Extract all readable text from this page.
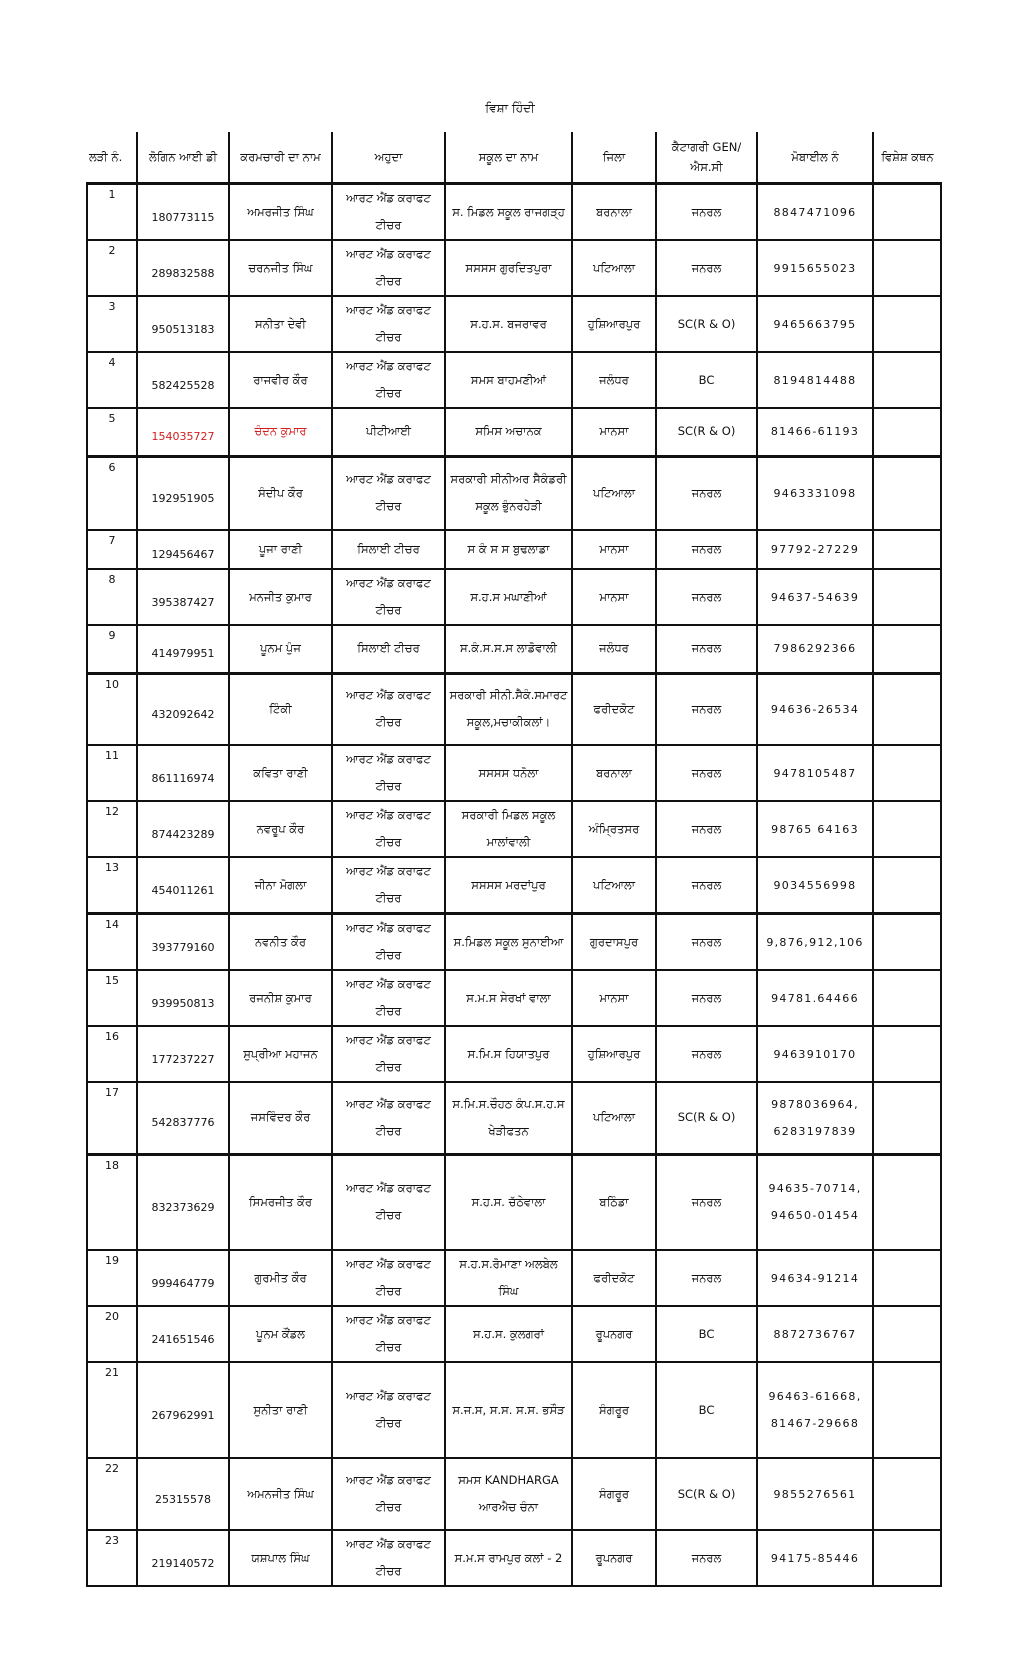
ਵਿਸ਼ਾ ਹਿੰਦੀ
ਲੜੀ ਨੰ.	ਲੋਗਿਨ ਆਈ ਡੀ	ਕਰਮਚਾਰੀ ਦਾ ਨਾਮ	ਅਹੁਦਾ	ਸਕੂਲ ਦਾ ਨਾਮ	ਜਿਲਾ	ਕੈਟਾਗਰੀ GEN/ਐਸ.ਸੀ	ਮੋਬਾਈਲ ਨੰ	ਵਿਸ਼ੇਸ਼ ਕਥਨ
1	180773115	ਅਮਰਜੀਤ ਸਿੰਘ	ਆਰਟ ਐਂਡ ਕਰਾਫਟ ਟੀਚਰ	ਸ. ਮਿਡਲ ਸਕੂਲ ਰਾਜਗੜ੍ਹ	ਬਰਨਾਲਾ	ਜਨਰਲ	8847471096	
2	289832588	ਚਰਨਜੀਤ ਸਿੰਘ	ਆਰਟ ਐਂਡ ਕਰਾਫਟ ਟੀਚਰ	ਸਸਸਸ ਗੁਰਦਿਤਪੁਰਾ	ਪਟਿਆਲਾ	ਜਨਰਲ	9915655023	
3	950513183	ਸਨੀਤਾ ਦੇਵੀ	ਆਰਟ ਐਂਡ ਕਰਾਫਟ ਟੀਚਰ	ਸ.ਹ.ਸ. ਬਜਰਾਵਰ	ਹੁਸ਼ਿਆਰਪੁਰ	SC(R & O)	9465663795	
4	582425528	ਰਾਜਵੀਰ ਕੌਰ	ਆਰਟ ਐਂਡ ਕਰਾਫਟ ਟੀਚਰ	ਸਮਸ ਬਾਹਮਣੀਆਂ	ਜਲੰਧਰ	BC	8194814488	
5	154035727	ਚੰਦਨ ਕੁਮਾਰ	ਪੀਟੀਆਈ	ਸਮਿਸ ਅਚਾਨਕ	ਮਾਨਸਾ	SC(R & O)	81466-61193	
6	192951905	ਸੰਦੀਪ ਕੌਰ	ਆਰਟ ਐਂਡ ਕਰਾਫਟ ਟੀਚਰ	ਸਰਕਾਰੀ ਸੀਨੀਅਰ ਸੈਕੰਡਰੀ ਸਕੂਲ ਭੁੰਨਰਹੇੜੀ	ਪਟਿਆਲਾ	ਜਨਰਲ	9463331098	
7	129456467	ਪੂਜਾ ਰਾਣੀ	ਸਿਲਾਈ ਟੀਚਰ	ਸ ਕੰ ਸ ਸ ਬੁਢਲਾਡਾ	ਮਾਨਸਾ	ਜਨਰਲ	97792-27229	
8	395387427	ਮਨਜੀਤ ਕੁਮਾਰ	ਆਰਟ ਐਂਡ ਕਰਾਫਟ ਟੀਚਰ	ਸ.ਹ.ਸ ਮਘਾਣੀਆਂ	ਮਾਨਸਾ	ਜਨਰਲ	94637-54639	
9	414979951	ਪੂਨਮ ਪੁੰਜ	ਸਿਲਾਈ ਟੀਚਰ	ਸ.ਕੰ.ਸ.ਸ.ਸ ਲਾਡੋਵਾਲੀ	ਜਲੰਧਰ	ਜਨਰਲ	7986292366	
10	432092642	ਟਿੰਕੀ	ਆਰਟ ਐਂਡ ਕਰਾਫਟ ਟੀਚਰ	ਸਰਕਾਰੀ ਸੀਨੀ.ਸੈਕੰ.ਸਮਾਰਟ ਸਕੂਲ,ਮਚਾਕੀਕਲਾਂ।	ਫਰੀਦਕੋਟ	ਜਨਰਲ	94636-26534	
11	861116974	ਕਵਿਤਾ ਰਾਣੀ	ਆਰਟ ਐਂਡ ਕਰਾਫਟ ਟੀਚਰ	ਸਸਸਸ ਧਨੋਲਾ	ਬਰਨਾਲਾ	ਜਨਰਲ	9478105487	
12	874423289	ਨਵਰੂਪ ਕੌਰ	ਆਰਟ ਐਂਡ ਕਰਾਫਟ ਟੀਚਰ	ਸਰਕਾਰੀ ਮਿਡਲ ਸਕੂਲ ਮਾਲਾਂਵਾਲੀ	ਅੰਮ੍ਰਿਤਸਰ	ਜਨਰਲ	98765 64163	
13	454011261	ਜੀਨਾ ਮੋਗਲਾ	ਆਰਟ ਐਂਡ ਕਰਾਫਟ ਟੀਚਰ	ਸਸਸਸ ਮਰਦਾਂਪੁਰ	ਪਟਿਆਲਾ	ਜਨਰਲ	9034556998	
14	393779160	ਨਵਨੀਤ ਕੌਰ	ਆਰਟ ਐਂਡ ਕਰਾਫਟ ਟੀਚਰ	ਸ.ਮਿਡਲ ਸਕੂਲ ਸੁਨਾਈਆ	ਗੁਰਦਾਸਪੁਰ	ਜਨਰਲ	9,876,912,106	
15	939950813	ਰਜਨੀਸ਼ ਕੁਮਾਰ	ਆਰਟ ਐਂਡ ਕਰਾਫਟ ਟੀਚਰ	ਸ.ਮ.ਸ ਸੇਰਖਾਂ ਵਾਲਾ	ਮਾਨਸਾ	ਜਨਰਲ	94781.64466	
16	177237227	ਸੁਪ੍ਰੀਆ ਮਹਾਜਨ	ਆਰਟ ਐਂਡ ਕਰਾਫਟ ਟੀਚਰ	ਸ.ਮਿ.ਸ ਹਿਯਾਤਪੁਰ	ਹੁਸ਼ਿਆਰਪੁਰ	ਜਨਰਲ	9463910170	
17	542837776	ਜਸਵਿੰਦਰ ਕੌਰ	ਆਰਟ ਐਂਡ ਕਰਾਫਟ ਟੀਚਰ	ਸ.ਮਿ.ਸ.ਚੌਹਠ ਕੰਪ.ਸ.ਹ.ਸ ਖੇੜੀਫਤਨ	ਪਟਿਆਲਾ	SC(R & O)	9878036964, 6283197839	
18	832373629	ਸਿਮਰਜੀਤ ਕੌਰ	ਆਰਟ ਐਂਡ ਕਰਾਫਟ ਟੀਚਰ	ਸ.ਹ.ਸ. ਚੱਠੇਵਾਲਾ	ਬਠਿੰਡਾ	ਜਨਰਲ	94635-70714, 94650-01454	
19	999464779	ਗੁਰਮੀਤ ਕੌਰ	ਆਰਟ ਐਂਡ ਕਰਾਫਟ ਟੀਚਰ	ਸ.ਹ.ਸ.ਰੋਮਾਣਾ ਅਲਬੇਲ ਸਿੰਘ	ਫਰੀਦਕੋਟ	ਜਨਰਲ	94634-91214	
20	241651546	ਪੂਨਮ ਕੌਂਡਲ	ਆਰਟ ਐਂਡ ਕਰਾਫਟ ਟੀਚਰ	ਸ.ਹ.ਸ. ਕੁਲਗਰਾਂ	ਰੂਪਨਗਰ	BC	8872736767	
21	267962991	ਸੁਨੀਤਾ ਰਾਣੀ	ਆਰਟ ਐਂਡ ਕਰਾਫਟ ਟੀਚਰ	ਸ.ਜ.ਸ, ਸ.ਸ. ਸ.ਸ. ਭਸੌੜ	ਸੰਗਰੂਰ	BC	96463-61668, 81467-29668	
22	25315578	ਅਮਨਜੀਤ ਸਿੰਘ	ਆਰਟ ਐਂਡ ਕਰਾਫਟ ਟੀਚਰ	ਸਮਸ KANDHARGA ਆਰਐਚ ਚੰਨਾ	ਸੰਗਰੂਰ	SC(R & O)	9855276561	
23	219140572	ਯਸ਼ਪਾਲ ਸਿੰਘ	ਆਰਟ ਐਂਡ ਕਰਾਫਟ ਟੀਚਰ	ਸ.ਮ.ਸ ਰਾਮਪੁਰ ਕਲਾਂ - 2	ਰੂਪਨਗਰ	ਜਨਰਲ	94175-85446	
